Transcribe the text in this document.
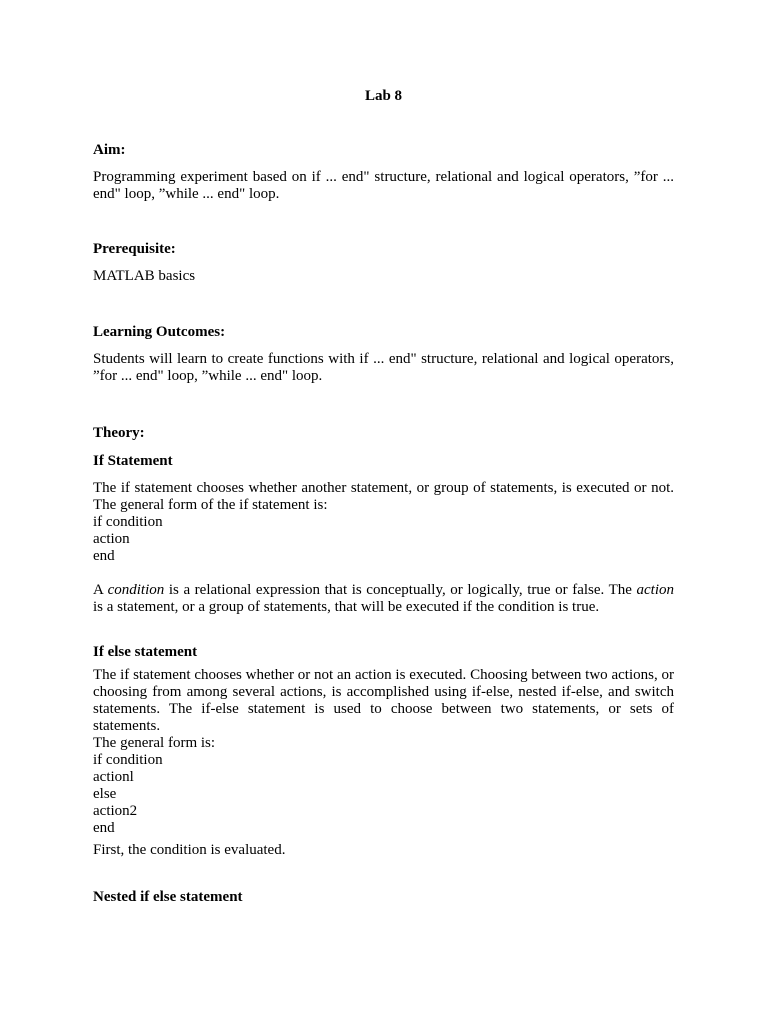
Lab 8
Aim:
Programming experiment based on if ... end" structure, relational and logical operators, ”for ... end" loop, ”while ... end" loop.
Prerequisite:
MATLAB basics
Learning Outcomes:
Students will learn to create functions with if ... end" structure, relational and logical operators, ”for ... end" loop, ”while ... end" loop.
Theory:
If Statement
The if statement chooses whether another statement, or group of statements, is executed or not. The general form of the if statement is:
if condition
action
end
A condition is a relational expression that is conceptually, or logically, true or false. The action is a statement, or a group of statements, that will be executed if the condition is true.
If else statement
The if statement chooses whether or not an action is executed. Choosing between two actions, or choosing from among several actions, is accomplished using if-else, nested if-else, and switch statements. The if-else statement is used to choose between two statements, or sets of statements.
The general form is:
if condition
actionl
else
action2
end
First, the condition is evaluated.
Nested if else statement
